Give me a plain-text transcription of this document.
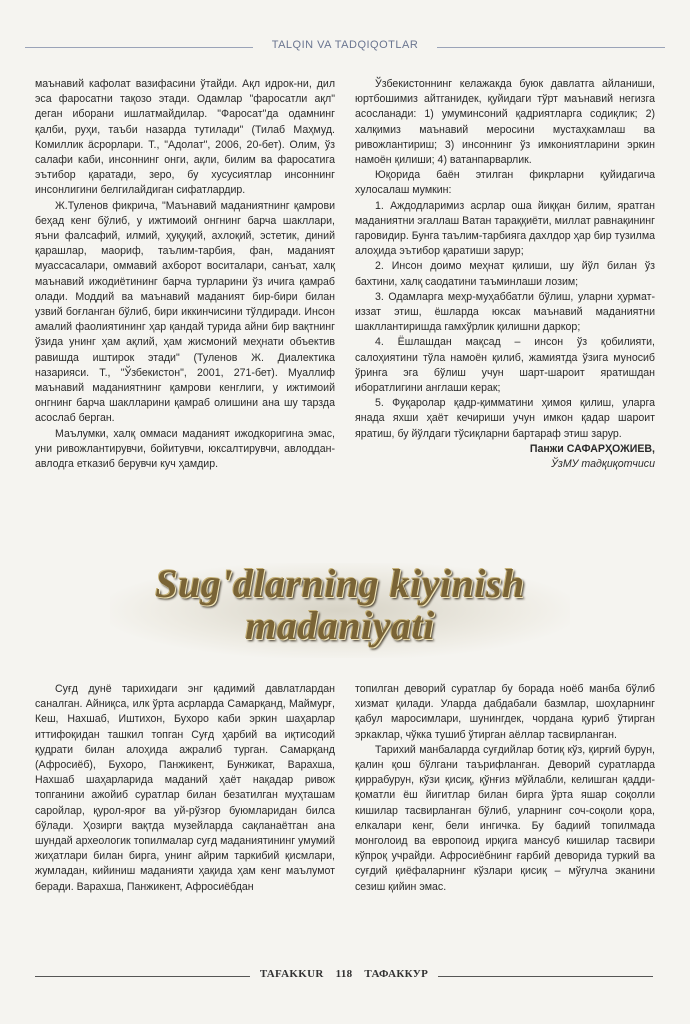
TALQIN VA TADQIQOTLAR

маънавий кафолат вазифасини ўтайди. Ақл идрок-ни, дил эса фаросатни тақозо этади. Одамлар "фаросатли ақл" деган иборани ишлатмайдилар. "Фаросат"да одамнинг қалби, руҳи, таъби назарда тутилади" (Тилаб Маҳмуд. Комиллик ӓсрорлари. Т., "Адолат", 2006, 20-бет). Олим, ўз салафи каби, инсоннинг онги, ақли, билим ва фаросатига эътибор қаратади, зеро, бу хусусиятлар инсоннинг инсонлигини белгилайдиган сифатлардир.

Ж.Туленов фикрича, "Маънавий маданиятнинг қамрови беҳад кенг бўлиб, у ижтимоий онгнинг барча шакллари, яъни фалсафий, илмий, ҳуқуқий, ахлоқий, эстетик, диний қарашлар, маориф, таълим-тарбия, фан, маданият муассасалари, оммавий ахборот воситалари, санъат, халқ маънавий ижодиётининг барча турларини ўз ичига қамраб олади. Моддий ва маънавий маданият бир-бири билан узвий боғланган бўлиб, бири иккинчисини тўлдиради. Инсон амалий фаолиятининг ҳар қандай турида айни бир вақтнинг ўзида унинг ҳам ақлий, ҳам жисмоний меҳнати объектив равишда иштирок этади" (Туленов Ж. Диалектика назарияси. Т., "Ўзбекистон", 2001, 271-бет). Муаллиф маънавий маданиятнинг қамрови кенглиги, у ижтимоий онгнинг барча шаклларини қамраб олишини ана шу тарзда асослаб берган.

Маълумки, халқ оммаси маданият ижодкоригина эмас, уни ривожлантирувчи, бойитувчи, юксалтирувчи, авлоддан-авлодга етказиб берувчи куч ҳамдир.

Ўзбекистоннинг келажакда буюк давлатга айланиши, юртбошимиз айтганидек, қуйидаги тўрт маънавий негизга асосланади: 1) умуминсоний қадриятларга содиқлик; 2) халқимиз маънавий меросини мустаҳкамлаш ва ривожлантириш; 3) инсоннинг ўз имкониятларини эркин намоён қилиши; 4) ватанпарварлик.

Юқорида баён этилган фикрларни қуйидагича хулосалаш мумкин:

1. Аждодларимиз асрлар оша йиққан билим, яратган маданиятни эгаллаш Ватан тараққиёти, миллат равнақининг гаровидир. Бунга таълим-тарбияга дахлдор ҳар бир тузилма алоҳида эътибор қаратиши зарур;

2. Инсон доимо меҳнат қилиши, шу йўл билан ўз бахтини, халқ саодатини таъминлаши лозим;

3. Одамларга меҳр-муҳаббатли бўлиш, уларни ҳурмат-иззат этиш, ёшларда юксак маънавий маданиятни шакллантиришда гамхўрлик қилишни даркор;

4. Ёшлашдан мақсад – инсон ўз қобилияти, салоҳиятини тўла намоён қилиб, жамиятда ўзига муносиб ўринга эга бўлиш учун шарт-шароит яратишдан иборатлигини англаши керак;

5. Фуқаролар қадр-қимматини ҳимоя қилиш, уларга янада яхши ҳаёт кечириши учун имкон қадар шароит яратиш, бу йўлдаги тўсиқларни бартараф этиш зарур.

Панжи САФАРҲОЖИЕВ,
ЎзМУ тадқиқотчиси
Sug'dlarning kiyinish
madaniyati

Суғд дунё тарихидаги энг қадимий давлатлардан саналган. Айниқса, илк ўрта асрларда Самарқанд, Маймурғ, Кеш, Нахшаб, Иштихон, Бухоро каби эркин шаҳарлар иттифоқидан ташкил топган Суғд ҳарбий ва иқтисодий қудрати билан алоҳида ажралиб турган. Самарқанд (Афросиёб), Бухоро, Панжикент, Бунжикат, Варахша, Нахшаб шаҳарларида маданий ҳаёт нақадар ривож топганини ажойиб суратлар билан безатилган муҳташам саройлар, қурол-яроғ ва уй-рўзғор буюмларидан билса бўлади. Ҳозирги вақтда музейларда сақланаётган ана шундай археологик топилмалар суғд маданиятининг умумий жиҳатлари билан бирга, унинг айрим таркибий қисмлари, жумладан, кийиниш маданияти ҳақида ҳам кенг маълумот беради. Варахша, Панжикент, Афросиёбдан

топилган деворий суратлар бу борада ноёб манба бўлиб хизмат қилади. Уларда дабдабали базмлар, шоҳларнинг қабул маросимлари, шунингдек, чордана қуриб ўтирган эркаклар, чўкка тушиб ўтирган аёллар тасвирланган.

Тарихий манбаларда суғдийлар ботиқ кўз, қирғий бурун, қалин қош бўлгани таърифланган. Деворий суратларда қиррабурун, кўзи қисиқ, қўнғиз мўйлабли, келишган қадди-қоматли ёш йигитлар билан бирга ўрта яшар соқолли кишилар тасвирланган бўлиб, уларнинг соч-соқоли қора, елкалари кенг, бели ингичка. Бу бадиий топилмада монголоид ва европоид ирқига мансуб кишилар тасвири кўпроқ учрайди. Афросиёбнинг ғарбий деворида туркий ва суғдий қиёфаларнинг кўзлари қисиқ – мўғулча эканини сезиш қийин эмас.

TAFAKKUR 118 ТАФАККУР
